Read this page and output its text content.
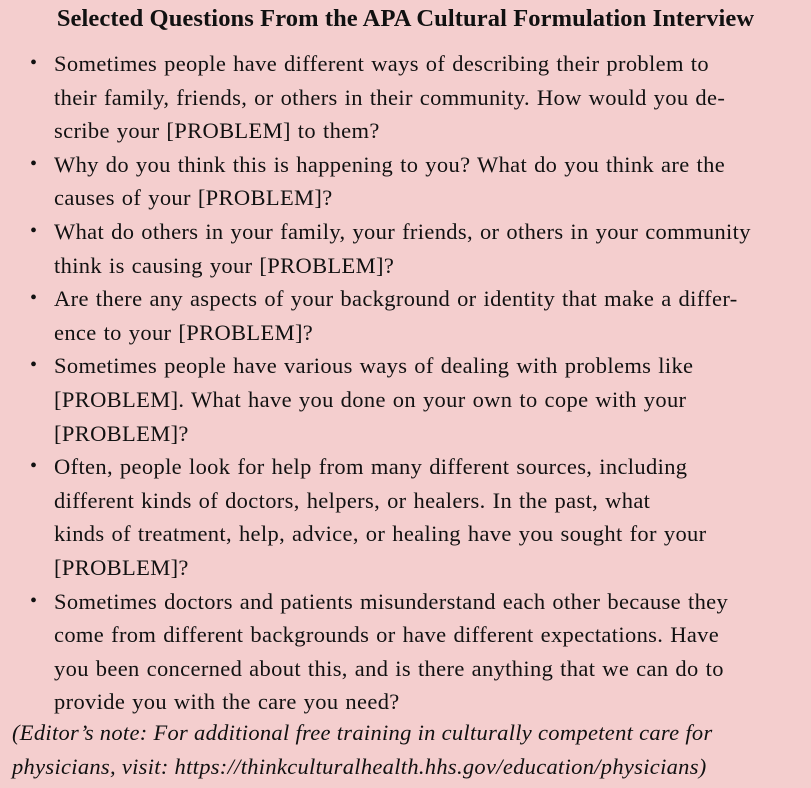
Selected Questions From the APA Cultural Formulation Interview
• Sometimes people have different ways of describing their problem to
their family, friends, or others in their community. How would you de-
scribe your [PROBLEM] to them?
• Why do you think this is happening to you? What do you think are the
causes of your [PROBLEM]?
• What do others in your family, your friends, or others in your community
think is causing your [PROBLEM]?
• Are there any aspects of your background or identity that make a differ-
ence to your [PROBLEM]?
• Sometimes people have various ways of dealing with problems like
[PROBLEM]. What have you done on your own to cope with your
[PROBLEM]?
• Often, people look for help from many different sources, including
different kinds of doctors, helpers, or healers. In the past, what
kinds of treatment, help, advice, or healing have you sought for your
[PROBLEM]?
• Sometimes doctors and patients misunderstand each other because they
come from different backgrounds or have different expectations. Have
you been concerned about this, and is there anything that we can do to
provide you with the care you need?
(Editor’s note: For additional free training in culturally competent care for
physicians, visit: https://thinkculturalhealth.hhs.gov/education/physicians)
